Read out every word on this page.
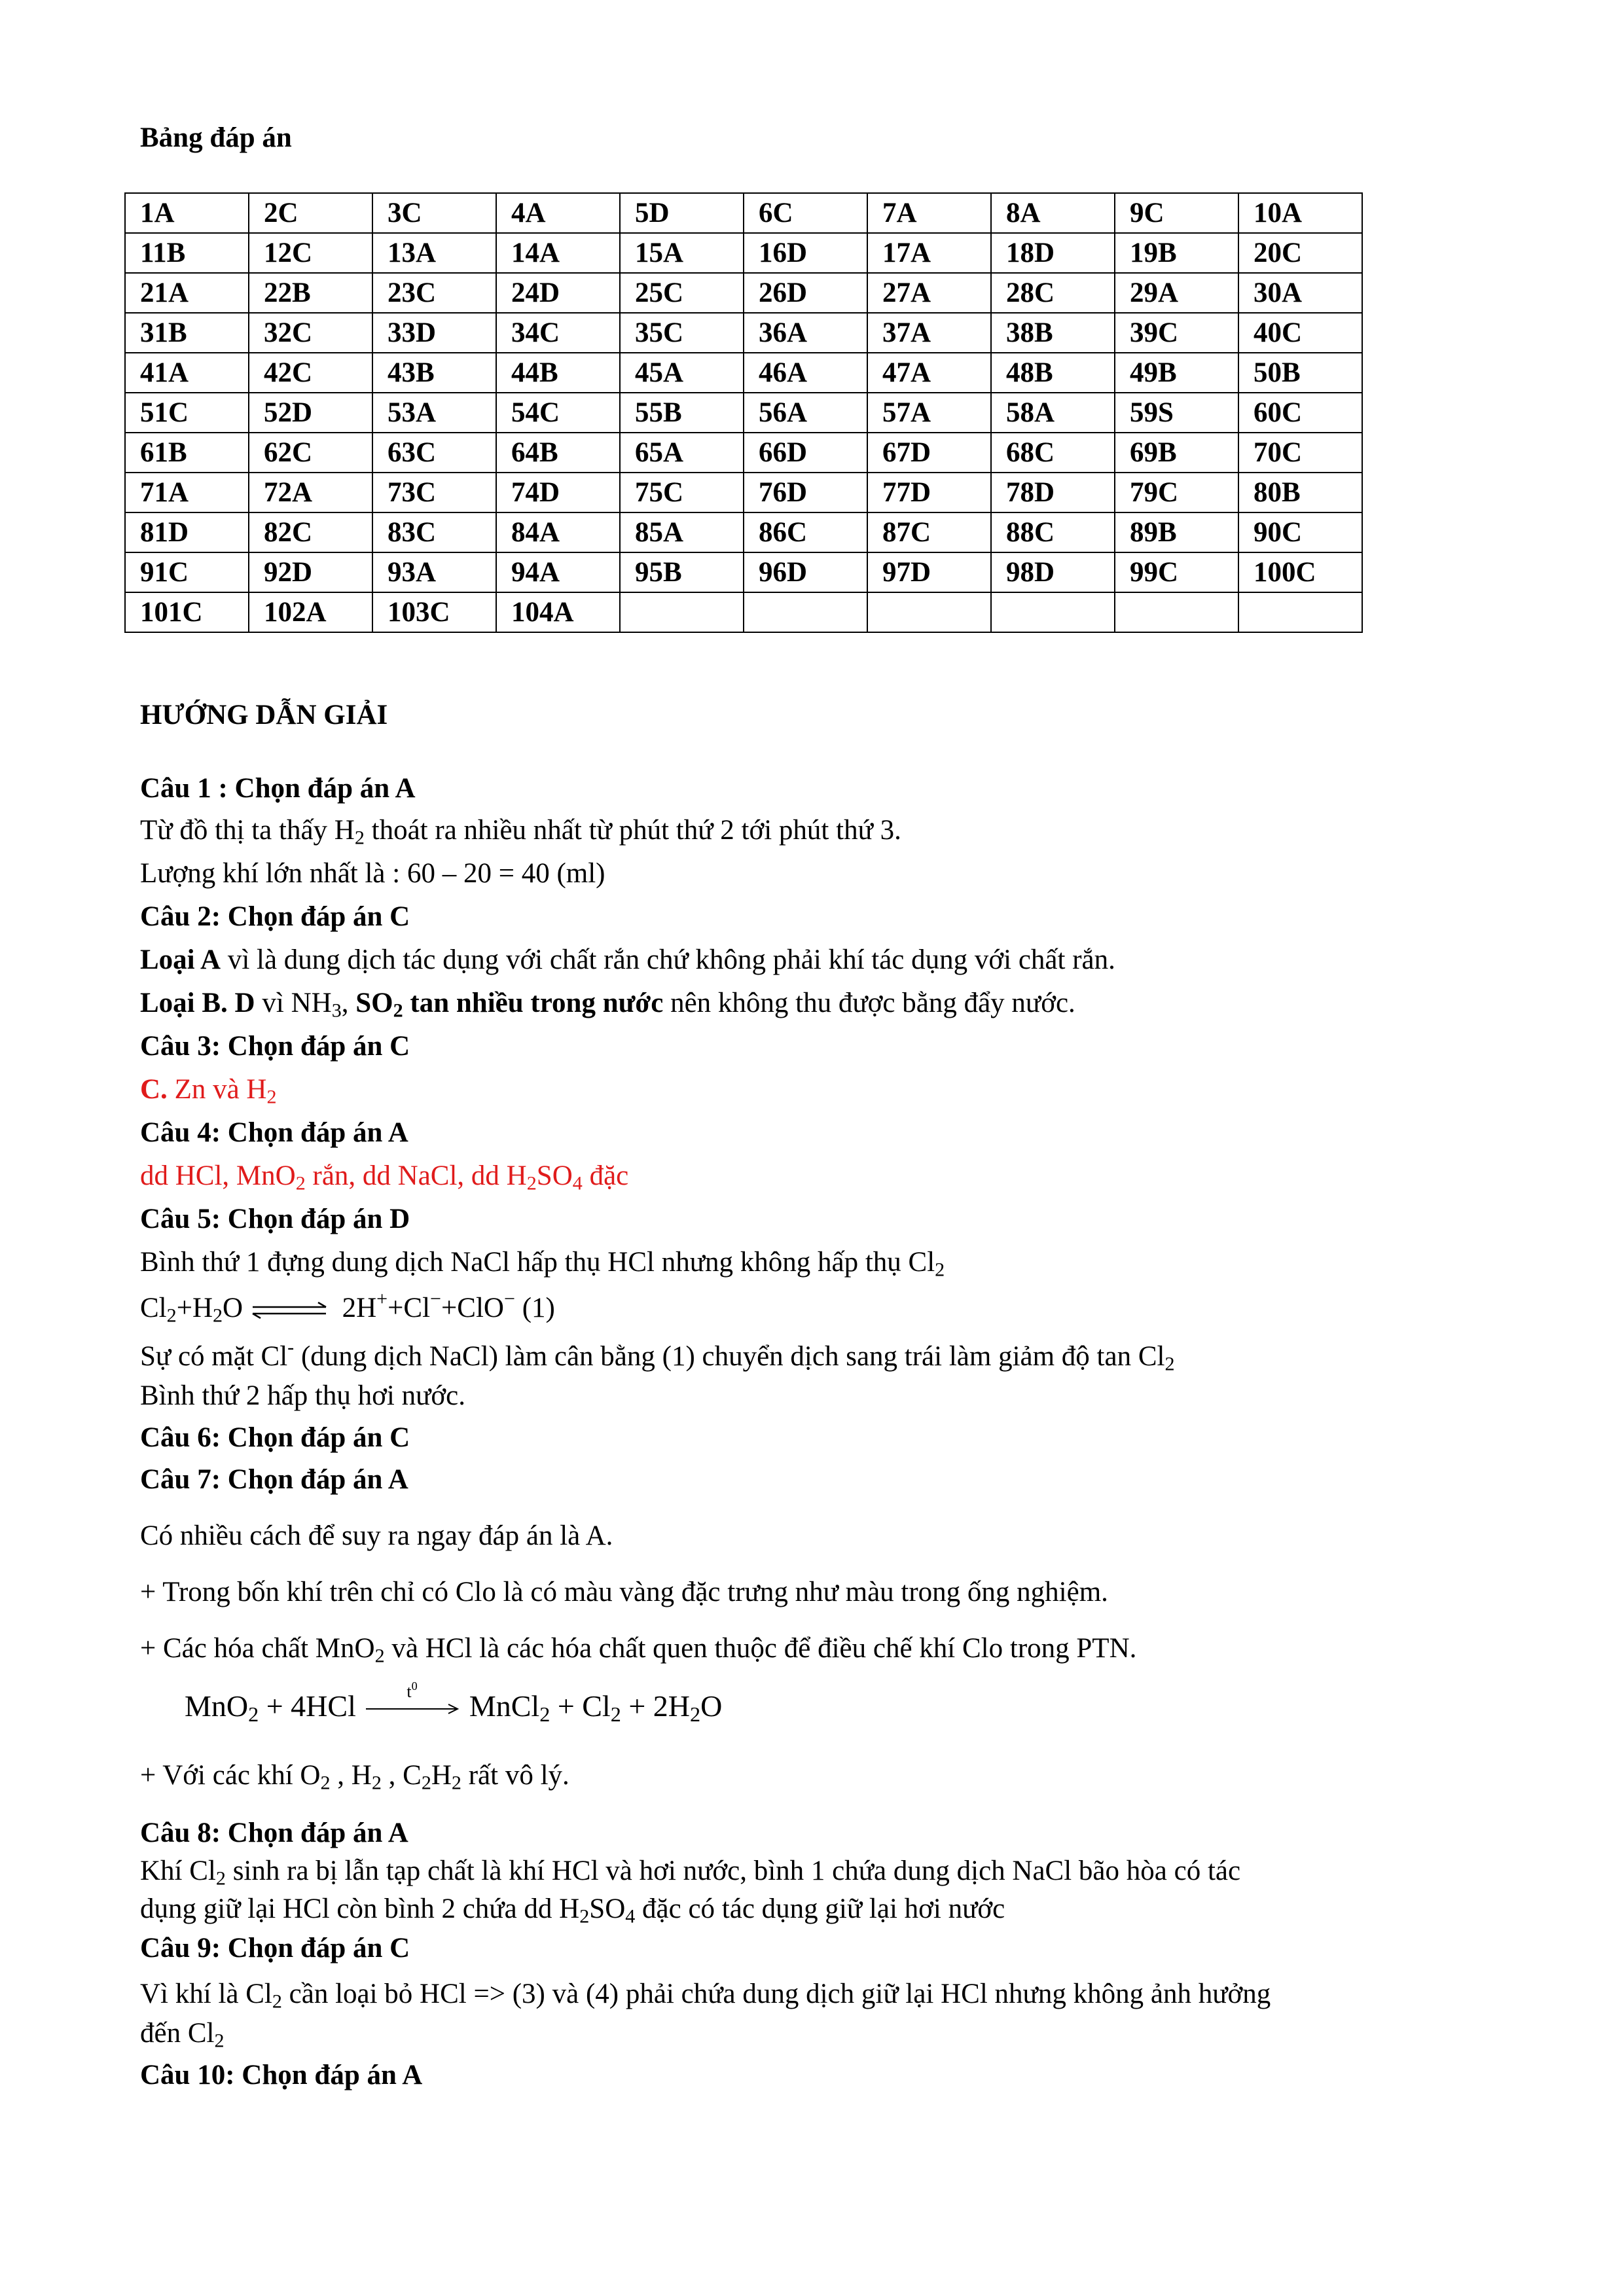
Bảng đáp án
1A	2C	3C	4A	5D	6C	7A	8A	9C	10A
11B	12C	13A	14A	15A	16D	17A	18D	19B	20C
21A	22B	23C	24D	25C	26D	27A	28C	29A	30A
31B	32C	33D	34C	35C	36A	37A	38B	39C	40C
41A	42C	43B	44B	45A	46A	47A	48B	49B	50B
51C	52D	53A	54C	55B	56A	57A	58A	59S	60C
61B	62C	63C	64B	65A	66D	67D	68C	69B	70C
71A	72A	73C	74D	75C	76D	77D	78D	79C	80B
81D	82C	83C	84A	85A	86C	87C	88C	89B	90C
91C	92D	93A	94A	95B	96D	97D	98D	99C	100C
101C	102A	103C	104A						
HƯỚNG DẪN GIẢI
Câu 1 : Chọn đáp án A
Từ đồ thị ta thấy $H_2$ thoát ra nhiều nhất từ phút thứ 2 tới phút thứ 3.
Lượng khí lớn nhất là : 60 – 20 = 40 (ml)
Câu 2: Chọn đáp án C
Loại A vì là dung dịch tác dụng với chất rắn chứ không phải khí tác dụng với chất rắn.
Loại B. D vì $NH_3$, $SO_2$ tan nhiều trong nước nên không thu được bằng đẩy nước.
Câu 3: Chọn đáp án C
C. Zn và $H_2$
Câu 4: Chọn đáp án A
dd HCl, MnO$_2$ rắn, dd NaCl, dd $H_2SO_4$ đặc
Câu 5: Chọn đáp án D
Bình thứ 1 đựng dung dịch NaCl hấp thụ HCl nhưng không hấp thụ $Cl_2$
$Cl_2+H_2O$ ⇌ 2H++Cl−+ClO− (1)
Sự có mặt Cl- (dung dịch NaCl) làm cân bằng (1) chuyển dịch sang trái làm giảm độ $\tan Cl_2$
Bình thứ 2 hấp thụ hơi nước.
Câu 6: Chọn đáp án C
Câu 7: Chọn đáp án A
Có nhiều cách để suy ra ngay đáp án là A.
+ Trong bốn khí trên chỉ có Clo là có màu vàng đặc trưng như màu trong ống nghiệm.
+ Các hóa chất MnO$_2$ và HCl là các hóa chất quen thuộc để điều chế khí Clo trong PTN.
MnO$_2$ + 4HCl	$t^0$
MnCl$_2$ + $Cl_2 + 2H_2O$
+ Với các khí $O_2$ , $H_2$ , $C_2H_2$ rất vô lý.
Câu 8: Chọn đáp án A
Khí $Cl_2$ sinh ra bị lẫn tạp chất là khí HCl và hơi nước, bình 1 chứa dung dịch NaCl bão hòa có tác
dụng giữ lại HCl còn bình 2 chứa dd $H_2SO_4$ đặc có tác dụng giữ lại hơi nước
Câu 9: Chọn đáp án C
Vì khí là $Cl_2$ cần loại bỏ HCl => (3) và (4) phải chứa dung dịch giữ lại HCl nhưng không ảnh hưởng
đến $Cl_2$
Câu 10: Chọn đáp án A
